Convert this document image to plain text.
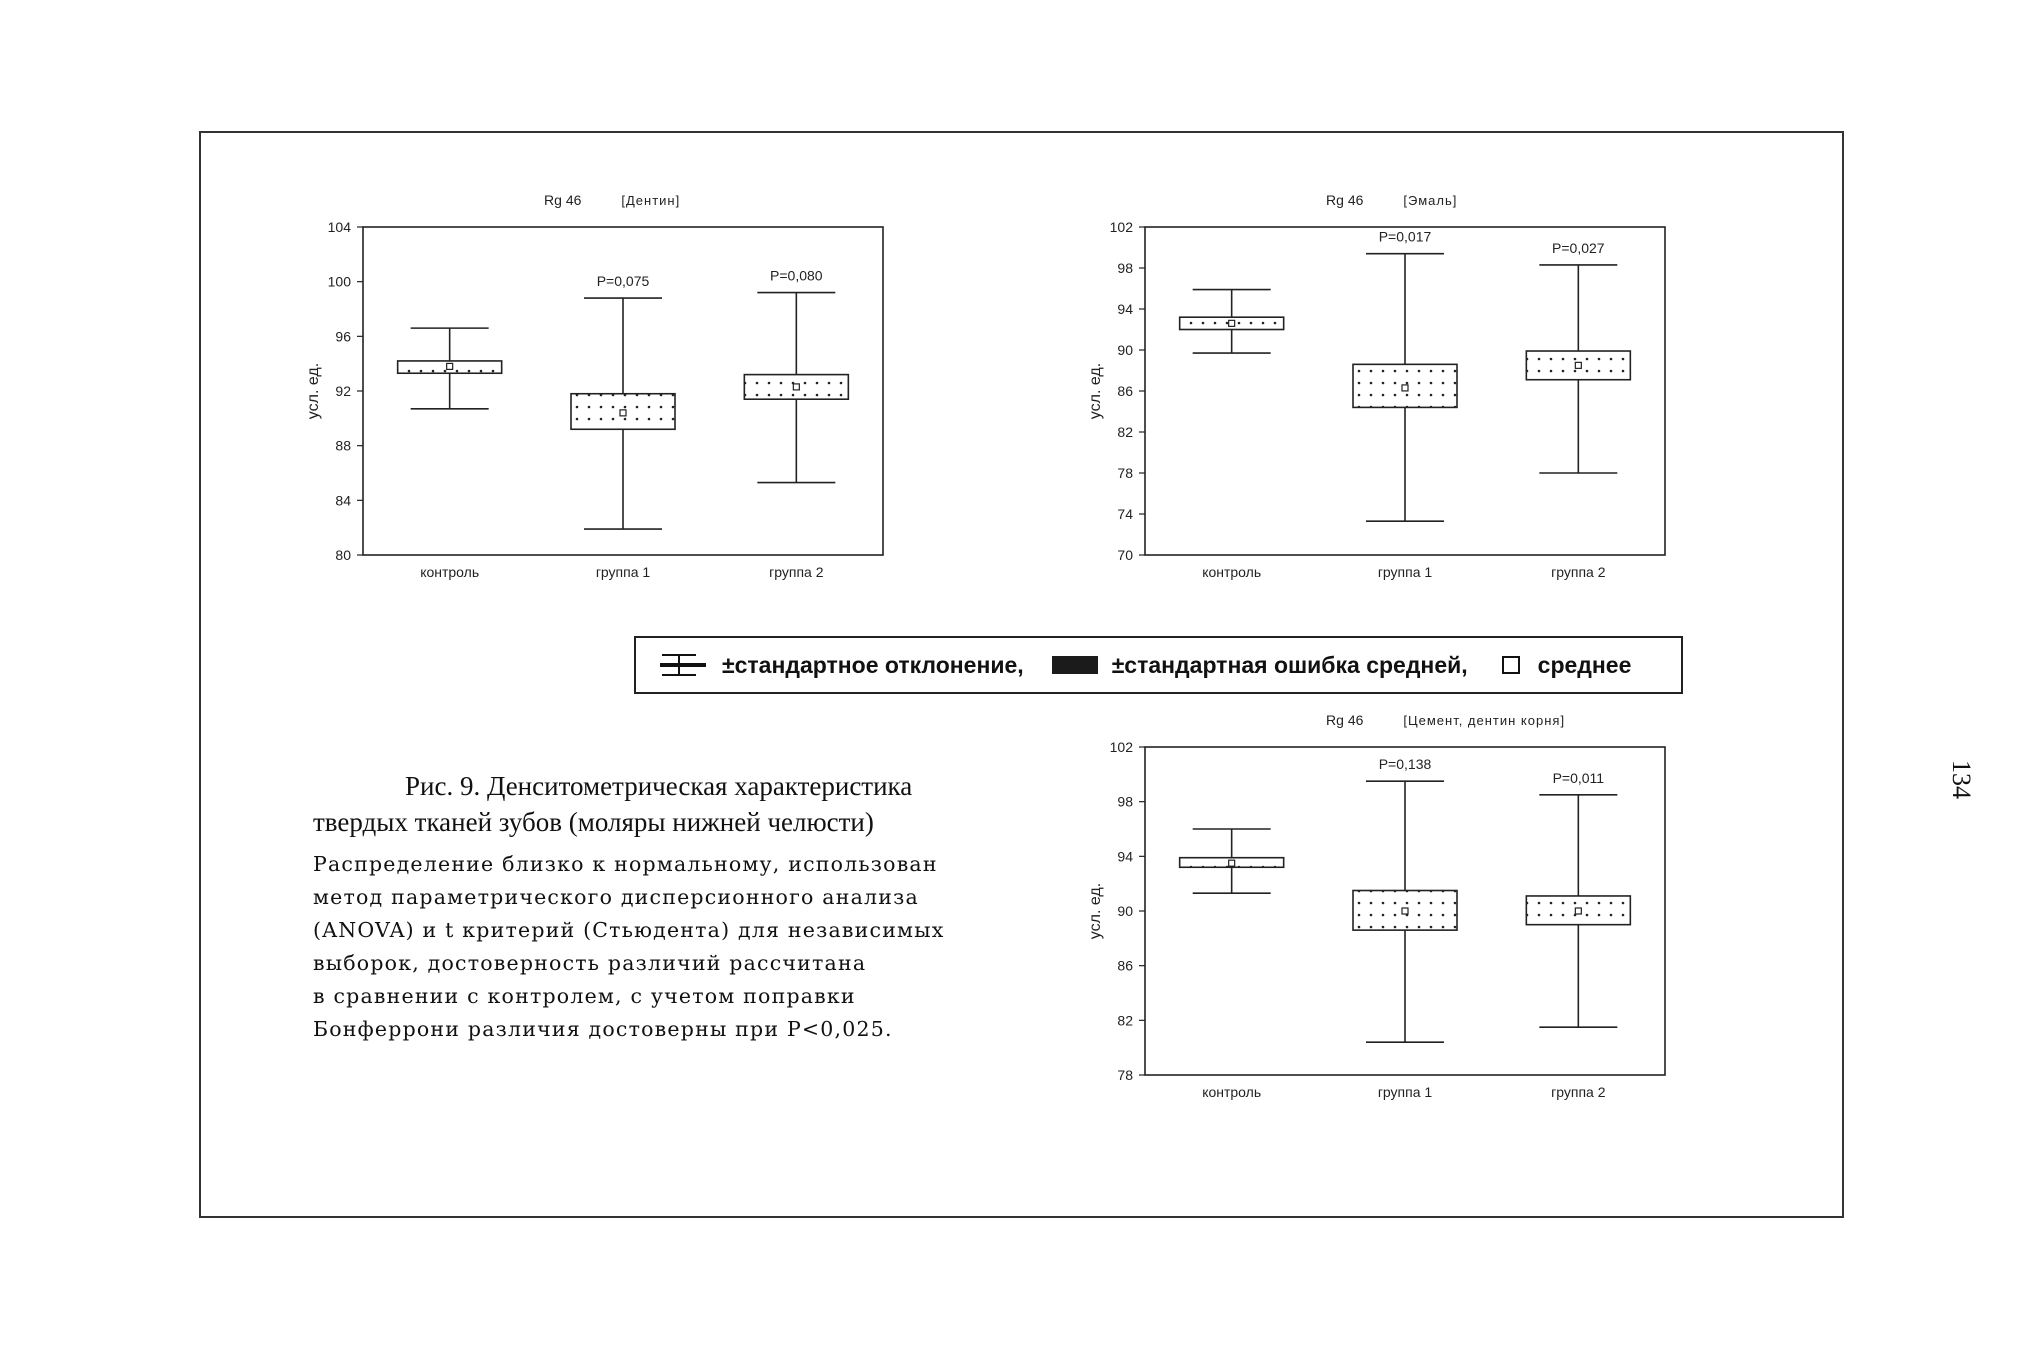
Rg 46	[Дентин]
80
84
88
92
96
100
104
усл. ед.
контроль	группа 1	группа 2
P=0,075	P=0,080
Rg 46	[Эмаль]
70
74
78
82
86
90
94
98
102
усл. ед.
контроль	группа 1	группа 2
P=0,017
P=0,027
Rg 46	[Цемент, дентин корня]
78
82
86
90
94
98
102
усл. ед.
контроль	группа 1	группа 2
P=0,138
P=0,011
±стандартное отклонение,	±стандартная ошибка средней,	среднее
Рис. 9. Денситометрическая характеристика
твердых тканей зубов (моляры нижней челюсти)
Распределение близко к нормальному, использован
метод параметрического дисперсионного анализа
(ANOVA) и t критерий (Стьюдента) для независимых
выборок, достоверность различий рассчитана
в сравнении с контролем, с учетом поправки
Бонферрони различия достоверны при P<0,025.
134
